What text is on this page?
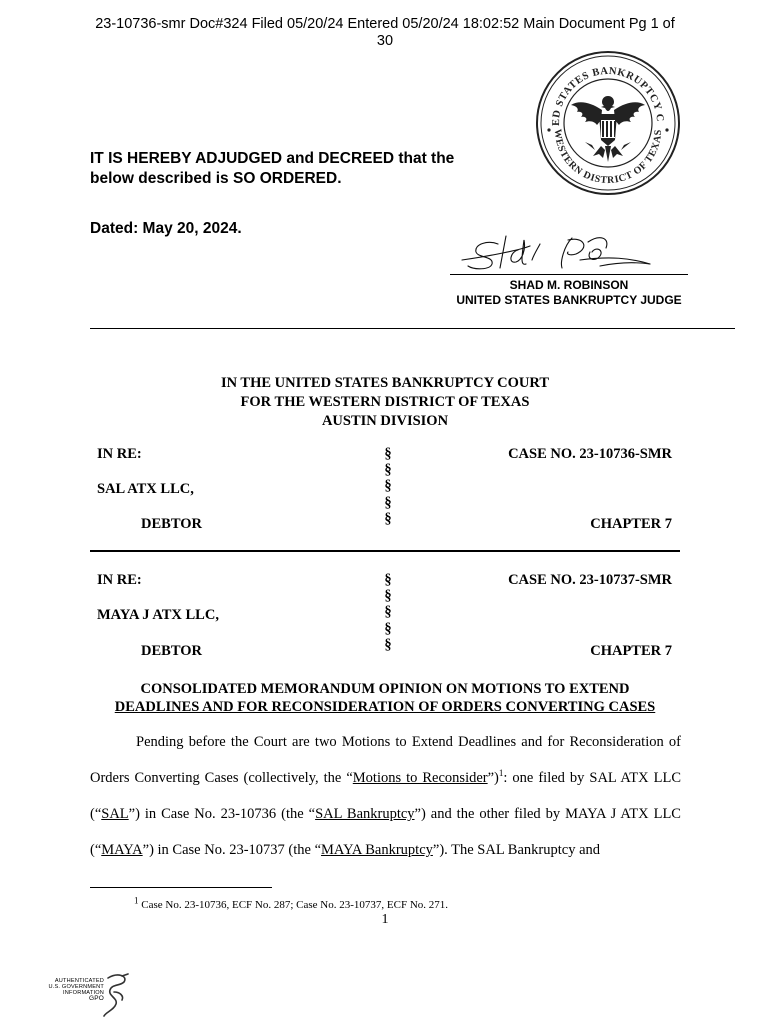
23-10736-smr Doc#324 Filed 05/20/24 Entered 05/20/24 18:02:52 Main Document Pg 1 of
30
ED STATES BANKRUPTCY C
WESTERN DISTRICT OF TEXAS
IT IS HEREBY ADJUDGED and DECREED that the
below described is SO ORDERED.
Dated: May 20, 2024.
SHAD M. ROBINSON
UNITED STATES BANKRUPTCY JUDGE
IN THE UNITED STATES BANKRUPTCY COURT
FOR THE WESTERN DISTRICT OF TEXAS
AUSTIN DIVISION
IN RE:
SAL ATX LLC,
DEBTOR
CASE NO. 23-10736-SMR
CHAPTER 7
§
§
§
§
§
IN RE:
MAYA J ATX LLC,
DEBTOR
CASE NO. 23-10737-SMR
CHAPTER 7
§
§
§
§
§
CONSOLIDATED MEMORANDUM OPINION ON MOTIONS TO EXTEND
DEADLINES AND FOR RECONSIDERATION OF ORDERS CONVERTING CASES

Pending before the Court are two Motions to Extend Deadlines and for Reconsideration of Orders Converting Cases (collectively, the “Motions to Reconsider”)$^1$: one filed by SAL ATX LLC (“SAL”) in Case No. 23-10736 (the “SAL Bankruptcy”) and the other filed by MAYA J ATX LLC (“MAYA”) in Case No. 23-10737 (the “MAYA Bankruptcy”). The SAL Bankruptcy and

$^1$ Case No. 23-10736, ECF No. 287; Case No. 23-10737, ECF No. 271.
1
AUTHENTICATED
U.S. GOVERNMENT
INFORMATION
GPO
